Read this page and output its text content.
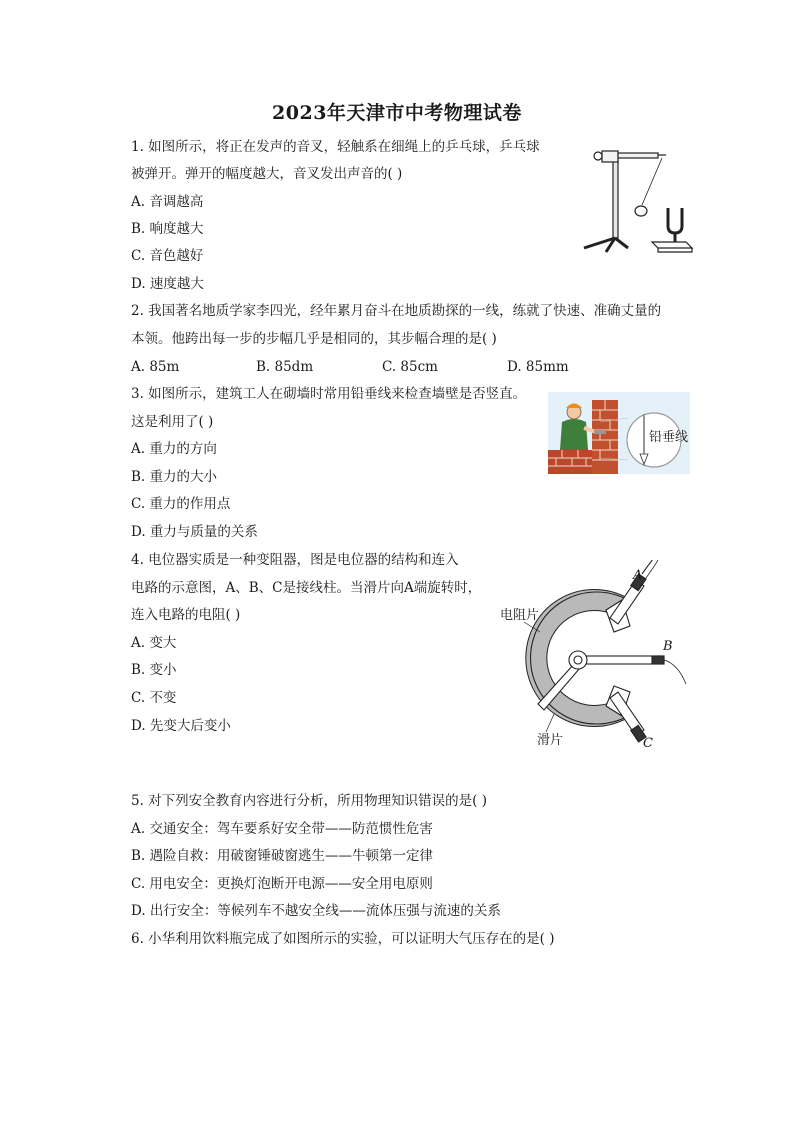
2023年天津市中考物理试卷
1. 如图所示，将正在发声的音叉，轻触系在细绳上的乒乓球，乒乓球
被弹开。弹开的幅度越大，音叉发出声音的( )
A. 音调越高
B. 响度越大
C. 音色越好
D. 速度越大
2. 我国著名地质学家李四光，经年累月奋斗在地质勘探的一线，练就了快速、准确丈量的
本领。他跨出每一步的步幅几乎是相同的，其步幅合理的是( )
A. 85m	B. 85dm	C. 85cm	D. 85mm
3. 如图所示，建筑工人在砌墙时常用铅垂线来检查墙壁是否竖直。
这是利用了( )
A. 重力的方向
B. 重力的大小
C. 重力的作用点
D. 重力与质量的关系
铅垂线
4. 电位器实质是一种变阻器，图是电位器的结构和连入
电路的示意图，A、B、C是接线柱。当滑片向A端旋转时，
连入电路的电阻( )
A. 变大
B. 变小
C. 不变
D. 先变大后变小
电阻片
滑片
A
B
C
5. 对下列安全教育内容进行分析，所用物理知识错误的是( )
A. 交通安全：驾车要系好安全带——防范惯性危害
B. 遇险自救：用破窗锤破窗逃生——牛顿第一定律
C. 用电安全：更换灯泡断开电源——安全用电原则
D. 出行安全：等候列车不越安全线——流体压强与流速的关系
6. 小华利用饮料瓶完成了如图所示的实验，可以证明大气压存在的是( )
